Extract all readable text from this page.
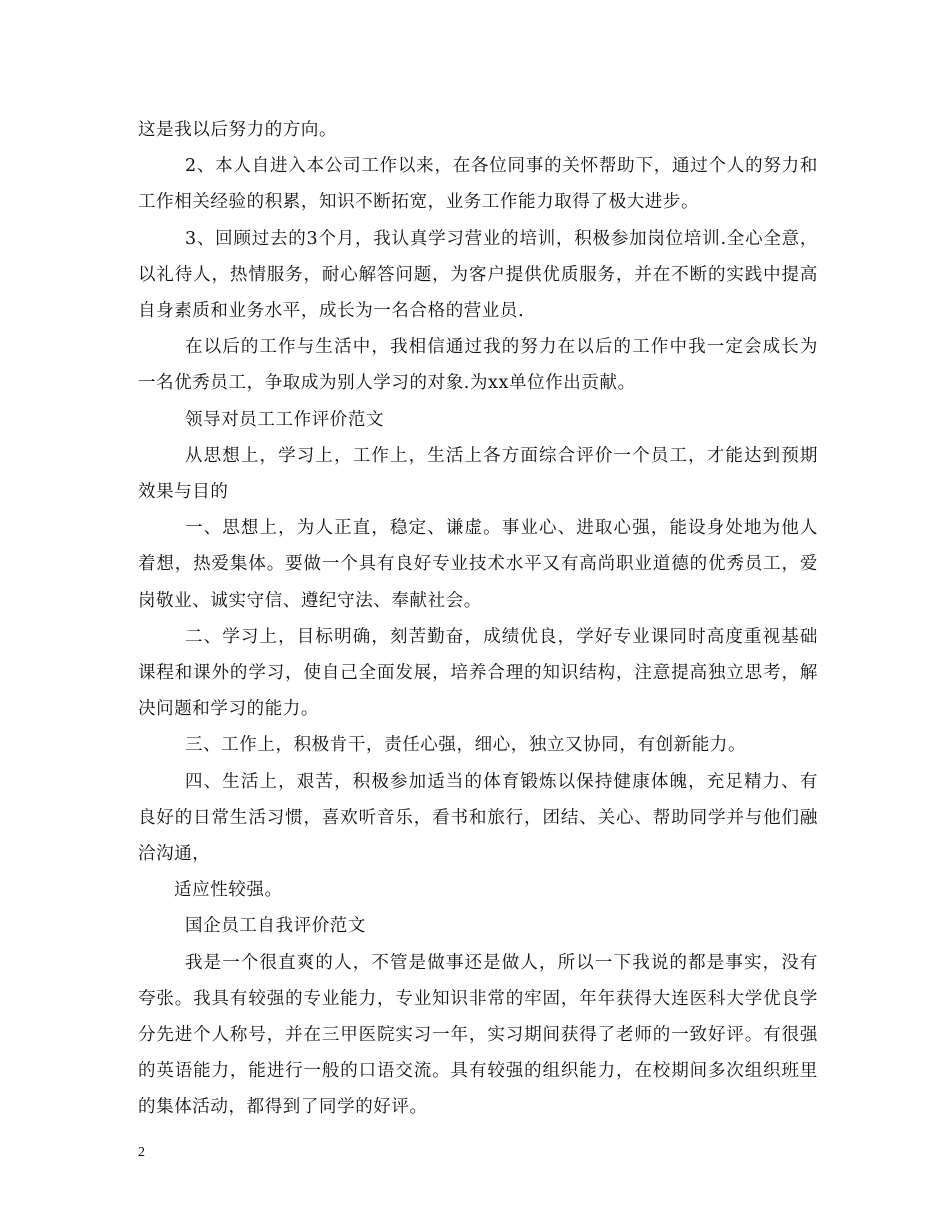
这是我以后努力的方向。

2、本人自进入本公司工作以来，在各位同事的关怀帮助下，通过个人的努力和工作相关经验的积累，知识不断拓宽，业务工作能力取得了极大进步。

3、回顾过去的3个月，我认真学习营业的培训，积极参加岗位培训.全心全意，以礼待人，热情服务，耐心解答问题，为客户提供优质服务，并在不断的实践中提高自身素质和业务水平，成长为一名合格的营业员.

在以后的工作与生活中，我相信通过我的努力在以后的工作中我一定会成长为一名优秀员工，争取成为别人学习的对象.为xx单位作出贡献。

领导对员工工作评价范文

从思想上，学习上，工作上，生活上各方面综合评价一个员工，才能达到预期效果与目的

一、思想上，为人正直，稳定、谦虚。事业心、进取心强，能设身处地为他人着想，热爱集体。要做一个具有良好专业技术水平又有高尚职业道德的优秀员工，爱岗敬业、诚实守信、遵纪守法、奉献社会。

二、学习上，目标明确，刻苦勤奋，成绩优良，学好专业课同时高度重视基础课程和课外的学习，使自己全面发展，培养合理的知识结构，注意提高独立思考，解决问题和学习的能力。

三、工作上，积极肯干，责任心强，细心，独立又协同，有创新能力。

四、生活上，艰苦，积极参加适当的体育锻炼以保持健康体魄，充足精力、有良好的日常生活习惯，喜欢听音乐，看书和旅行，团结、关心、帮助同学并与他们融洽沟通，

适应性较强。

国企员工自我评价范文

我是一个很直爽的人，不管是做事还是做人，所以一下我说的都是事实，没有夸张。我具有较强的专业能力，专业知识非常的牢固，年年获得大连医科大学优良学分先进个人称号，并在三甲医院实习一年，实习期间获得了老师的一致好评。有很强的英语能力，能进行一般的口语交流。具有较强的组织能力，在校期间多次组织班里的集体活动，都得到了同学的好评。

2
